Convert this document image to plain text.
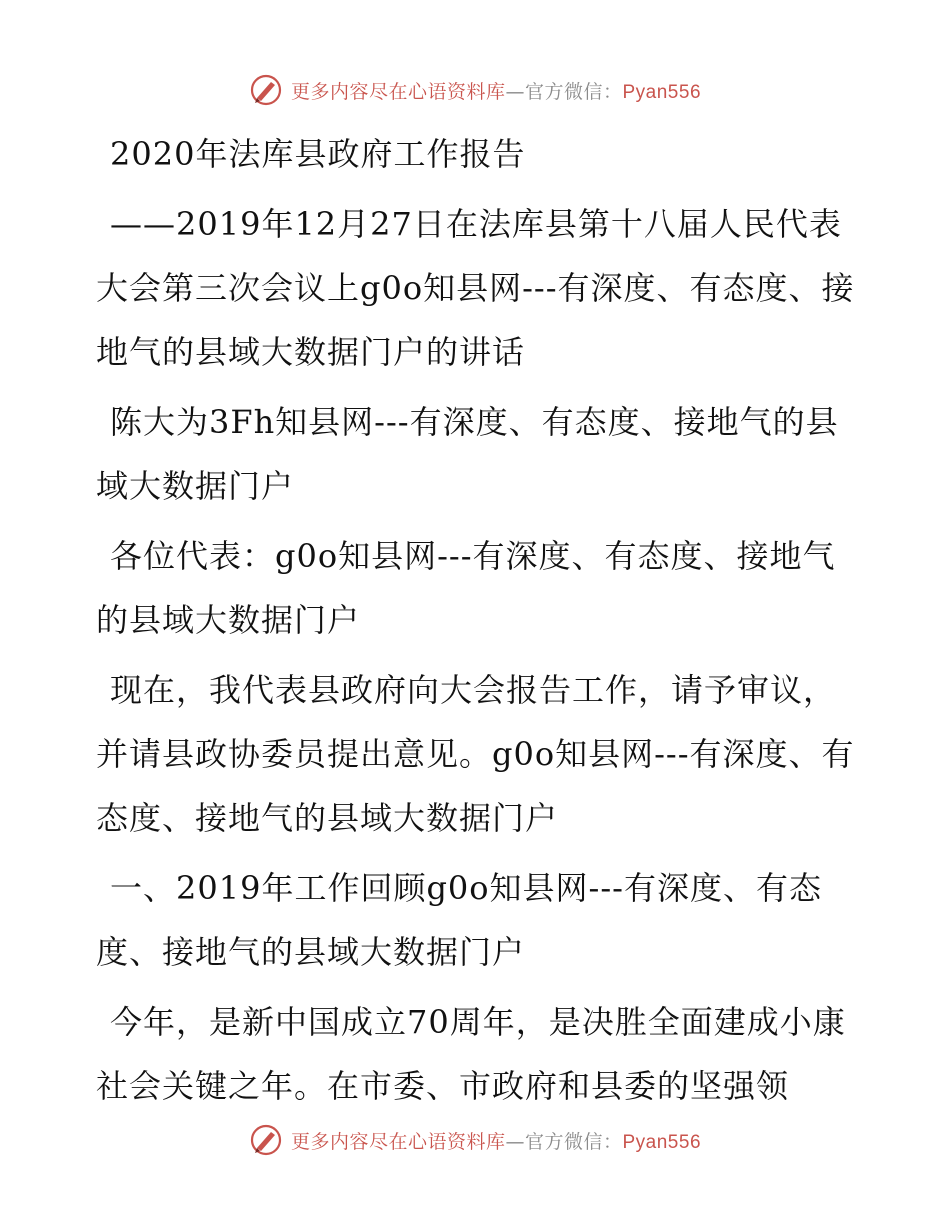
更多内容尽在心语资料库—官方微信：Pyan556

2020年法库县政府工作报告

——2019年12月27日在法库县第十八届人民代表大会第三次会议上g0o知县网---有深度、有态度、接地气的县域大数据门户的讲话

陈大为3Fh知县网---有深度、有态度、接地气的县域大数据门户

各位代表：g0o知县网---有深度、有态度、接地气的县域大数据门户

现在，我代表县政府向大会报告工作，请予审议，并请县政协委员提出意见。g0o知县网---有深度、有态度、接地气的县域大数据门户

一、2019年工作回顾g0o知县网---有深度、有态度、接地气的县域大数据门户

今年，是新中国成立70周年，是决胜全面建成小康社会关键之年。在市委、市政府和县委的坚强领

更多内容尽在心语资料库—官方微信：Pyan556
